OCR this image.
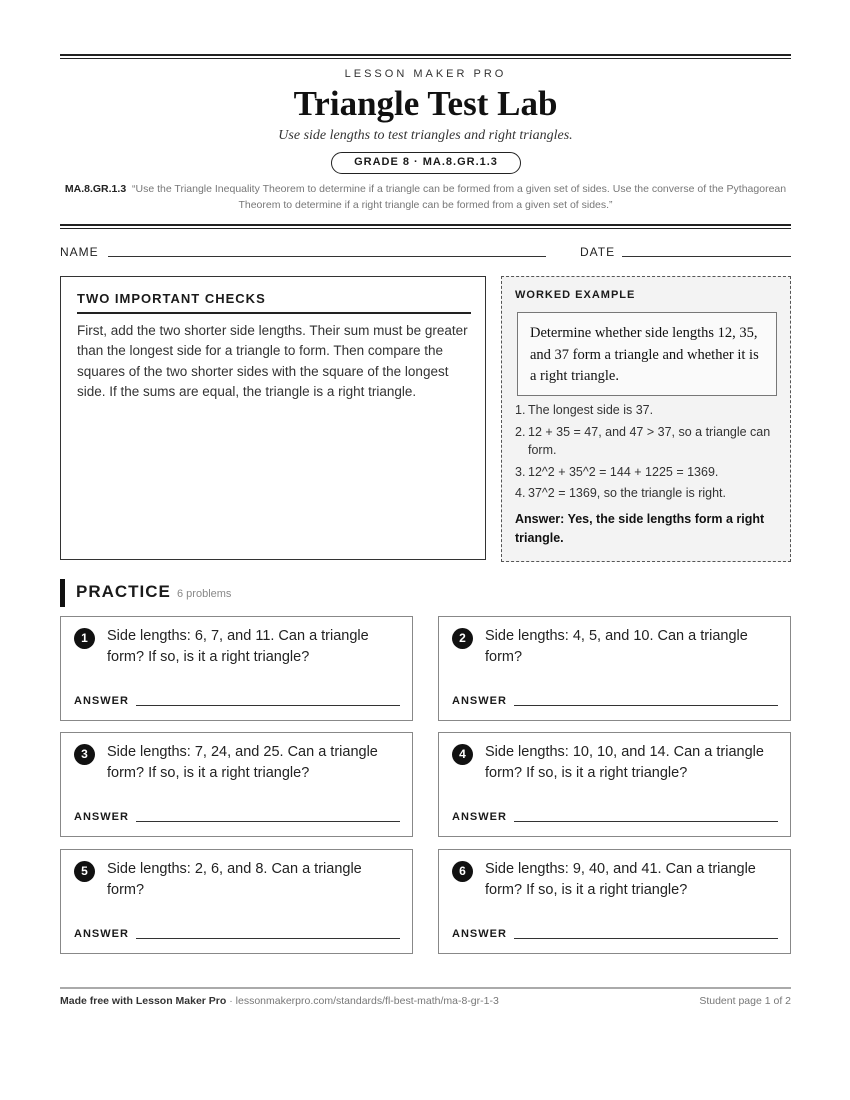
LESSON MAKER PRO
Triangle Test Lab
Use side lengths to test triangles and right triangles.
GRADE 8 · MA.8.GR.1.3
MA.8.GR.1.3 “Use the Triangle Inequality Theorem to determine if a triangle can be formed from a given set of sides. Use the converse of the Pythagorean Theorem to determine if a right triangle can be formed from a given set of sides.”
NAME	DATE
TWO IMPORTANT CHECKS
First, add the two shorter side lengths. Their sum must be greater than the longest side for a triangle to form. Then compare the squares of the two shorter sides with the square of the longest side. If the sums are equal, the triangle is a right triangle.
WORKED EXAMPLE
Determine whether side lengths 12, 35, and 37 form a triangle and whether it is a right triangle.
1. The longest side is 37.
2. 12 + 35 = 47, and 47 > 37, so a triangle can form.
3. 12^2 + 35^2 = 144 + 1225 = 1369.
4. 37^2 = 1369, so the triangle is right.
Answer: Yes, the side lengths form a right triangle.
PRACTICE 6 problems
1	Side lengths: 6, 7, and 11. Can a triangle form? If so, is it a right triangle?
ANSWER
2	Side lengths: 4, 5, and 10. Can a triangle form?
ANSWER
3	Side lengths: 7, 24, and 25. Can a triangle form? If so, is it a right triangle?
ANSWER
4	Side lengths: 10, 10, and 14. Can a triangle form? If so, is it a right triangle?
ANSWER
5	Side lengths: 2, 6, and 8. Can a triangle form?
ANSWER
6	Side lengths: 9, 40, and 41. Can a triangle form? If so, is it a right triangle?
ANSWER
Made free with Lesson Maker Pro · lessonmakerpro.com/standards/fl-best-math/ma-8-gr-1-3	Student page 1 of 2
